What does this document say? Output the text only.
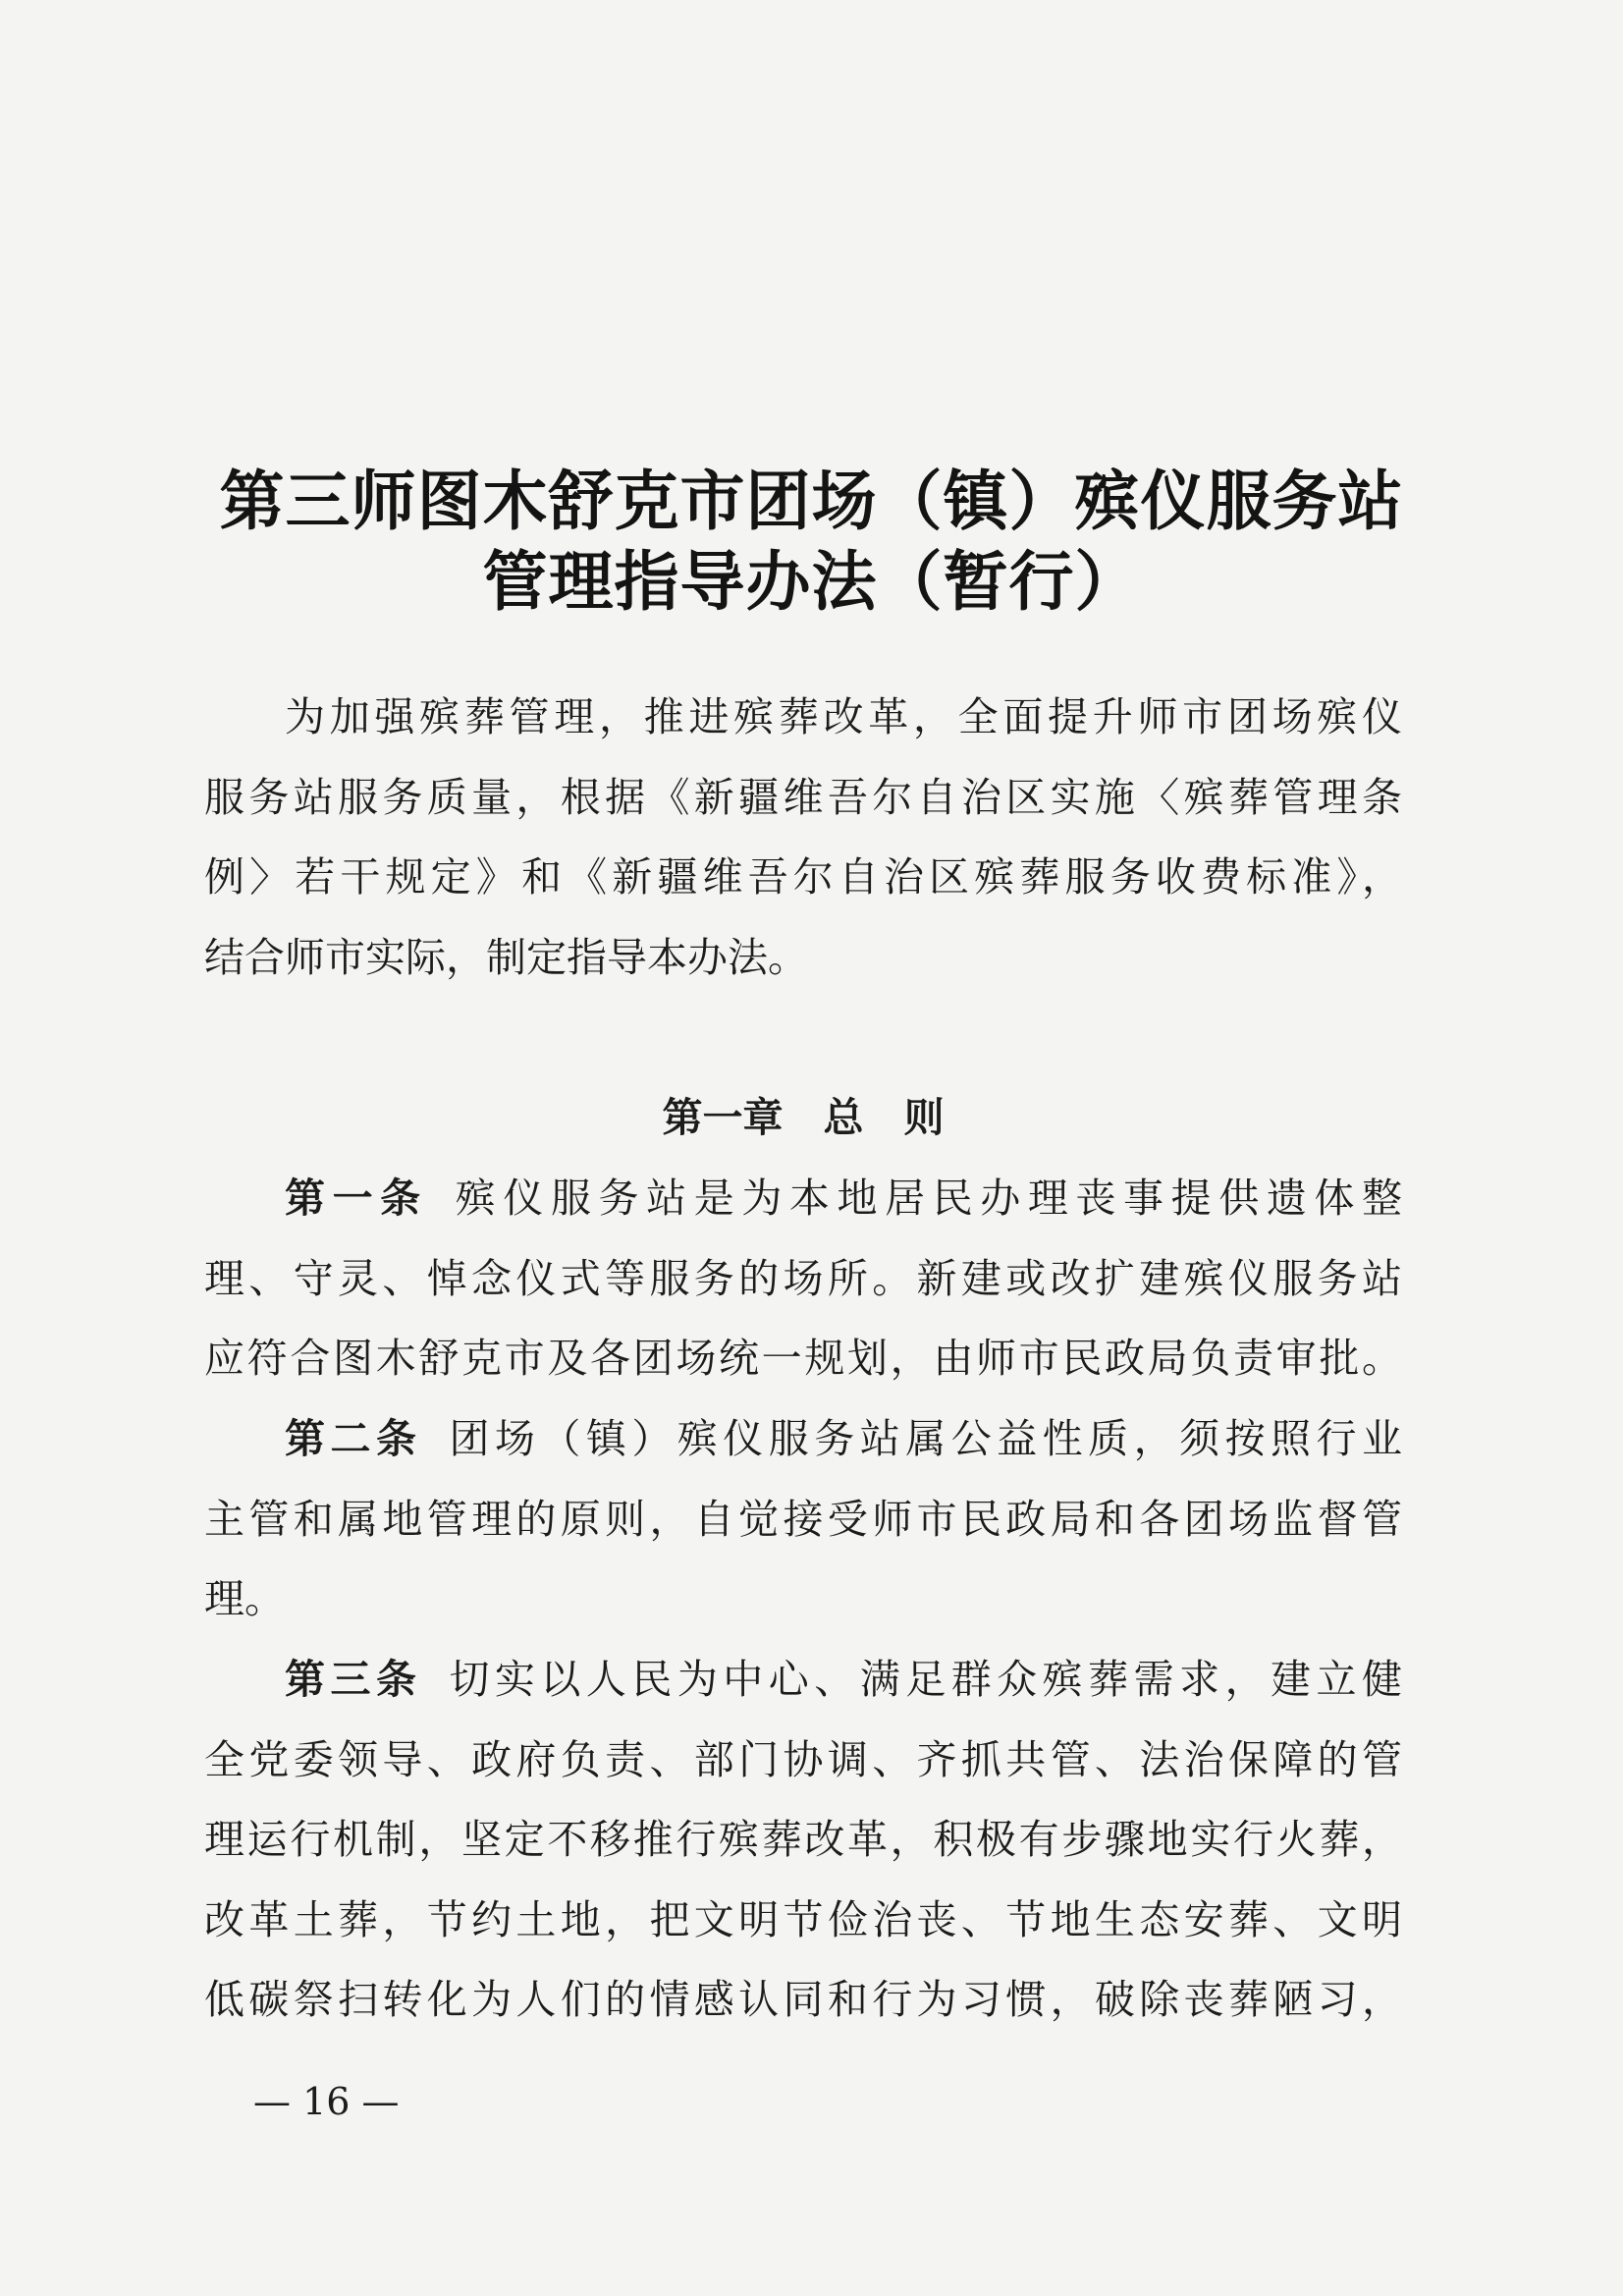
第三师图木舒克市团场（镇）殡仪服务站
管理指导办法（暂行）
为加强殡葬管理，推进殡葬改革，全面提升师市团场殡仪
服务站服务质量，根据《新疆维吾尔自治区实施〈殡葬管理条
例〉若干规定》和《新疆维吾尔自治区殡葬服务收费标准》，
结合师市实际，制定指导本办法。
第一章　总　则
第一条 殡仪服务站是为本地居民办理丧事提供遗体整
理、守灵、悼念仪式等服务的场所。新建或改扩建殡仪服务站
应符合图木舒克市及各团场统一规划，由师市民政局负责审批。
第二条 团场（镇）殡仪服务站属公益性质，须按照行业
主管和属地管理的原则，自觉接受师市民政局和各团场监督管
理。
第三条 切实以人民为中心、满足群众殡葬需求，建立健
全党委领导、政府负责、部门协调、齐抓共管、法治保障的管
理运行机制，坚定不移推行殡葬改革，积极有步骤地实行火葬，
改革土葬，节约土地，把文明节俭治丧、节地生态安葬、文明
低碳祭扫转化为人们的情感认同和行为习惯，破除丧葬陋习，
— 16 —
